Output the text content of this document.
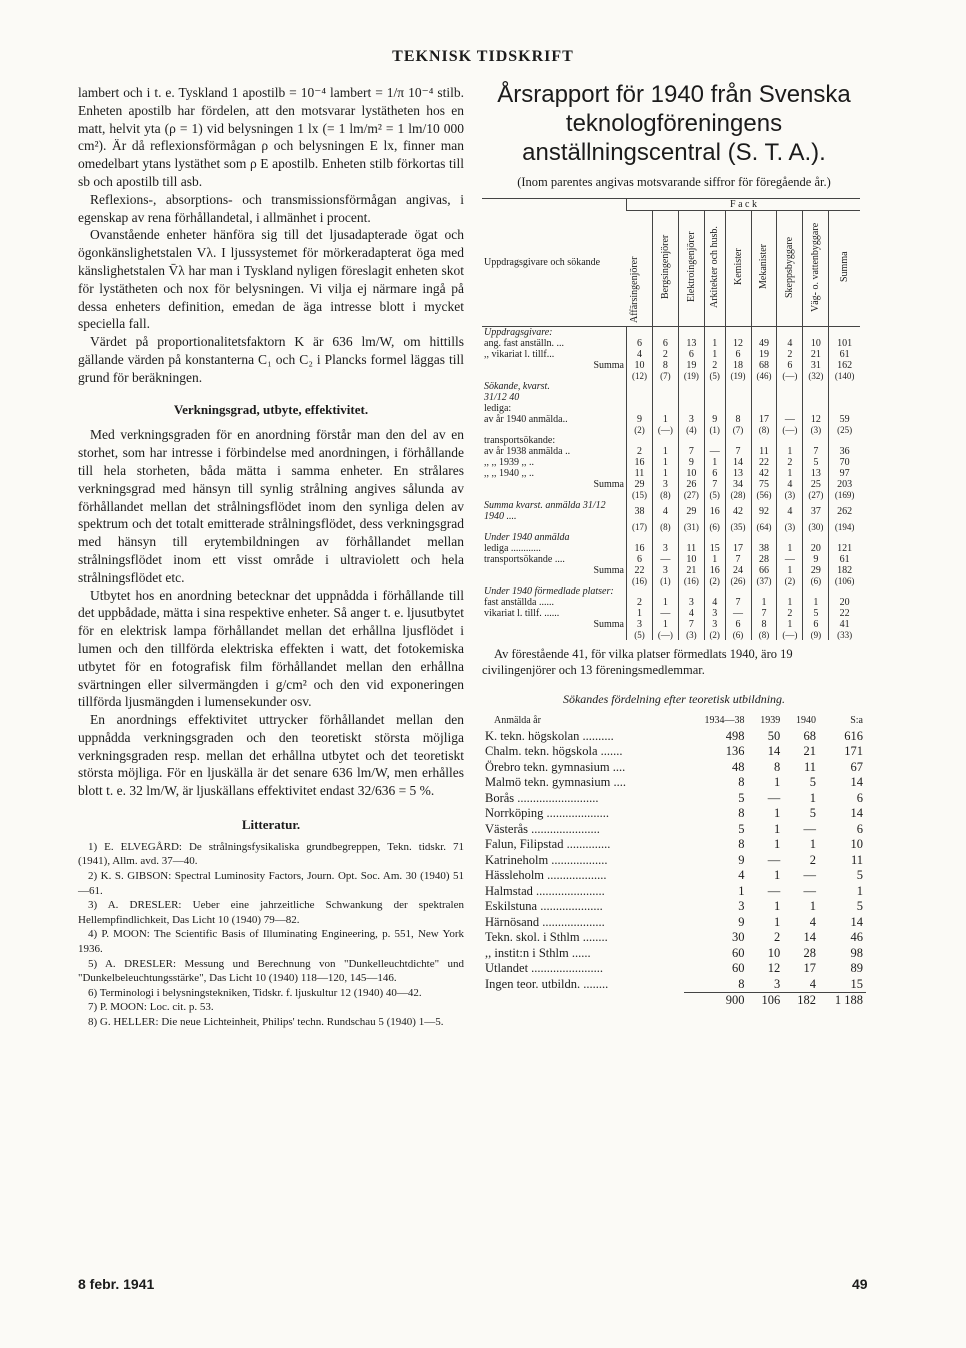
TEKNISK TIDSKRIFT

lambert och i t. e. Tyskland 1 apostilb = 10⁻⁴ lambert = 1/π 10⁻⁴ stilb. Enheten apostilb har fördelen, att den motsvarar lystätheten hos en matt, helvit yta (ρ = 1) vid belysningen 1 lx (= 1 lm/m² = 1 lm/10 000 cm²). Är då reflexionsförmågan ρ och belysningen E lx, finner man omedelbart ytans lystäthet som ρ E apostilb. Enheten stilb förkortas till sb och apostilb till asb.

Reflexions-, absorptions- och transmissionsförmågan angivas, i egenskap av rena förhållandetal, i allmänhet i procent.

Ovanstående enheter hänföra sig till det ljusadapterade ögat och ögonkänslighetstalen Vλ. I ljussystemet för mörkeradapterat öga med känslighetstalen V̄λ har man i Tyskland nyligen föreslagit enheten skot för lystätheten och nox för belysningen. Vi vilja ej närmare ingå på dessa enheters definition, emedan de äga intresse blott i mycket speciella fall.

Värdet på proportionalitetsfaktorn K är 636 lm/W, om hittills gällande värden på konstanterna C₁ och C₂ i Plancks formel läggas till grund för beräkningen.

Verkningsgrad, utbyte, effektivitet.

Med verkningsgraden för en anordning förstår man den del av en storhet, som har intresse i förbindelse med anordningen, i förhållande till hela storheten, båda mätta i samma enheter. En strålares verkningsgrad med hänsyn till synlig strålning angives sålunda av förhållandet mellan det strålningsflödet inom den synliga delen av spektrum och det totalt emitterade strålningsflödet, dess verkningsgrad med hänsyn till erytembildningen av förhållandet mellan strålningsflödet inom ett visst område i ultraviolett och hela strålningsflödet etc.

Utbytet hos en anordning betecknar det uppnådda i förhållande till det uppbådade, mätta i sina respektive enheter. Så anger t. e. ljusutbytet för en elektrisk lampa förhållandet mellan det erhållna ljusflödet i lumen och den tillförda elektriska effekten i watt, det fotokemiska utbytet för en fotografisk film förhållandet mellan den erhållna svärtningen eller silvermängden i g/cm² och den vid exponeringen tillförda ljusmängden i lumensekunder osv.

En anordnings effektivitet uttrycker förhållandet mellan den uppnådda verkningsgraden och den teoretiskt största möjliga verkningsgraden resp. mellan det erhållna utbytet och det teoretiskt största möjliga. För en ljuskälla är det senare 636 lm/W, men erhålles blott t. e. 32 lm/W, är ljuskällans effektivitet endast 32/636 = 5 %.

Litteratur.

1) E. ELVEGÅRD: De strålningsfysikaliska grundbegreppen, Tekn. tidskr. 71 (1941), Allm. avd. 37—40.

2) K. S. GIBSON: Spectral Luminosity Factors, Journ. Opt. Soc. Am. 30 (1940) 51—61.

3) A. DRESLER: Ueber eine jahrzeitliche Schwankung der spektralen Hellempfindlichkeit, Das Licht 10 (1940) 79—82.

4) P. MOON: The Scientific Basis of Illuminating Engineering, p. 551, New York 1936.

5) A. DRESLER: Messung und Berechnung von "Dunkelleuchtdichte" und "Dunkelbeleuchtungsstärke", Das Licht 10 (1940) 118—120, 145—146.

6) Terminologi i belysningstekniken, Tidskr. f. ljuskultur 12 (1940) 40—42.

7) P. MOON: Loc. cit. p. 53.

8) G. HELLER: Die neue Lichteinheit, Philips' techn. Rundschau 5 (1940) 1—5.

8 febr. 1941	49
Årsrapport för 1940 från Svenska teknologföreningens anställningscentral (S. T. A.).
(Inom parentes angivas motsvarande siffror för föregående år.)
Uppdragsgivare och sökande	F a c k								
	Affärsingenjörer	Bergsingenjörer	Elektroingenjörer	Arkitekter och husb.	Kemister	Mekanister	Skeppsbyggare	Väg- o. vattenbyggare	Summa
Uppdragsgivare:									
ang. fast anställn. ...	6	6	13	1	12	49	4	10	101
,, vikariat l. tillf...	4	2	6	1	6	19	2	21	61
Summa	10	8	19	2	18	68	6	31	162
	(12)	(7)	(19)	(5)	(19)	(46)	(—)	(32)	(140)
Sökande, kvarst.									
31/12 40									
lediga:									
av år 1940 anmälda..	9	1	3	9	8	17	—	12	59
	(2)	(—)	(4)	(1)	(7)	(8)	(—)	(3)	(25)
transportsökande:									
av år 1938 anmälda ..	2	1	7	—	7	11	1	7	36
,, ,, 1939 ,, ..	16	1	9	1	14	22	2	5	70
,, ,, 1940 ,, ..	11	1	10	6	13	42	1	13	97
Summa	29	3	26	7	34	75	4	25	203
	(15)	(8)	(27)	(5)	(28)	(56)	(3)	(27)	(169)
Summa kvarst. anmälda 31/12 1940 ....	38	4	29	16	42	92	4	37	262
	(17)	(8)	(31)	(6)	(35)	(64)	(3)	(30)	(194)
Under 1940 anmälda									
lediga ............	16	3	11	15	17	38	1	20	121
transportsökande ....	6	—	10	1	7	28	—	9	61
Summa	22	3	21	16	24	66	1	29	182
	(16)	(1)	(16)	(2)	(26)	(37)	(2)	(6)	(106)
Under 1940 förmedlade platser:									
fast anställda ......	2	1	3	4	7	1	1	1	20
vikariat l. tillf. ......	1	—	4	3	—	7	2	5	22
Summa	3	1	7	3	6	8	1	6	41
	(5)	(—)	(3)	(2)	(6)	(8)	(—)	(9)	(33)
Av förestående 41, för vilka platser förmedlats 1940, äro 19 civilingenjörer och 13 föreningsmedlemmar.
Sökandes fördelning efter teoretisk utbildning.
Anmälda år	1934—38	1939	1940	S:a
K. tekn. högskolan ..........	498	50	68	616
Chalm. tekn. högskola .......	136	14	21	171
Örebro tekn. gymnasium ....	48	8	11	67
Malmö tekn. gymnasium ....	8	1	5	14
Borås ..........................	5	—	1	6
Norrköping ....................	8	1	5	14
Västerås ......................	5	1	—	6
Falun, Filipstad ..............	8	1	1	10
Katrineholm ..................	9	—	2	11
Hässleholm ...................	4	1	—	5
Halmstad ......................	1	—	—	1
Eskilstuna ....................	3	1	1	5
Härnösand ....................	9	1	4	14
Tekn. skol. i Sthlm ........	30	2	14	46
,, instit:n i Sthlm ......	60	10	28	98
Utlandet .......................	60	12	17	89
Ingen teor. utbildn. ........	8	3	4	15
	900	106	182	1 188
